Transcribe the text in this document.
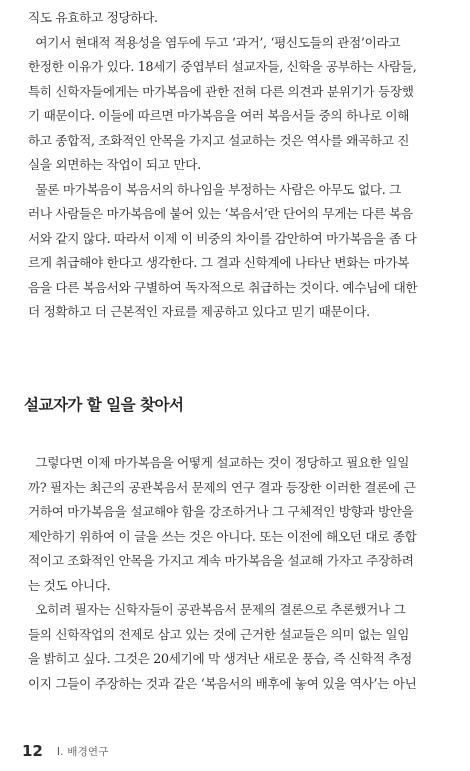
직도 유효하고 정당하다.
여기서 현대적 적용성을 염두에 두고 ‘과거’, ‘평신도들의 관점’이라고
한정한 이유가 있다. 18세기 중엽부터 설교자들, 신학을 공부하는 사람들,
특히 신학자들에게는 마가복음에 관한 전혀 다른 의견과 분위기가 등장했
기 때문이다. 이들에 따르면 마가복음을 여러 복음서들 중의 하나로 이해
하고 종합적, 조화적인 안목을 가지고 설교하는 것은 역사를 왜곡하고 진
실을 외면하는 작업이 되고 만다.
물론 마가복음이 복음서의 하나임을 부정하는 사람은 아무도 없다. 그
러나 사람들은 마가복음에 붙어 있는 ‘복음서’란 단어의 무게는 다른 복음
서와 같지 않다. 따라서 이제 이 비중의 차이를 감안하여 마가복음을 좀 다
르게 취급해야 한다고 생각한다. 그 결과 신학계에 나타난 변화는 마가복
음을 다른 복음서와 구별하여 독자적으로 취급하는 것이다. 예수님에 대한
더 정확하고 더 근본적인 자료를 제공하고 있다고 믿기 때문이다.
설교자가 할 일을 찾아서
그렇다면 이제 마가복음을 어떻게 설교하는 것이 정당하고 필요한 일일
까? 필자는 최근의 공관복음서 문제의 연구 결과 등장한 이러한 결론에 근
거하여 마가복음을 설교해야 함을 강조하거나 그 구체적인 방향과 방안을
제안하기 위하여 이 글을 쓰는 것은 아니다. 또는 이전에 해오던 대로 종합
적이고 조화적인 안목을 가지고 계속 마가복음을 설교해 가자고 주장하려
는 것도 아니다.
오히려 필자는 신학자들이 공관복음서 문제의 결론으로 추론했거나 그
들의 신학작업의 전제로 삼고 있는 것에 근거한 설교들은 의미 없는 일임
을 밝히고 싶다. 그것은 20세기에 막 생겨난 새로운 풍습, 즉 신학적 추정
이지 그들이 주장하는 것과 같은 ‘복음서의 배후에 놓여 있을 역사’는 아닌
12 Ⅰ. 배경연구
